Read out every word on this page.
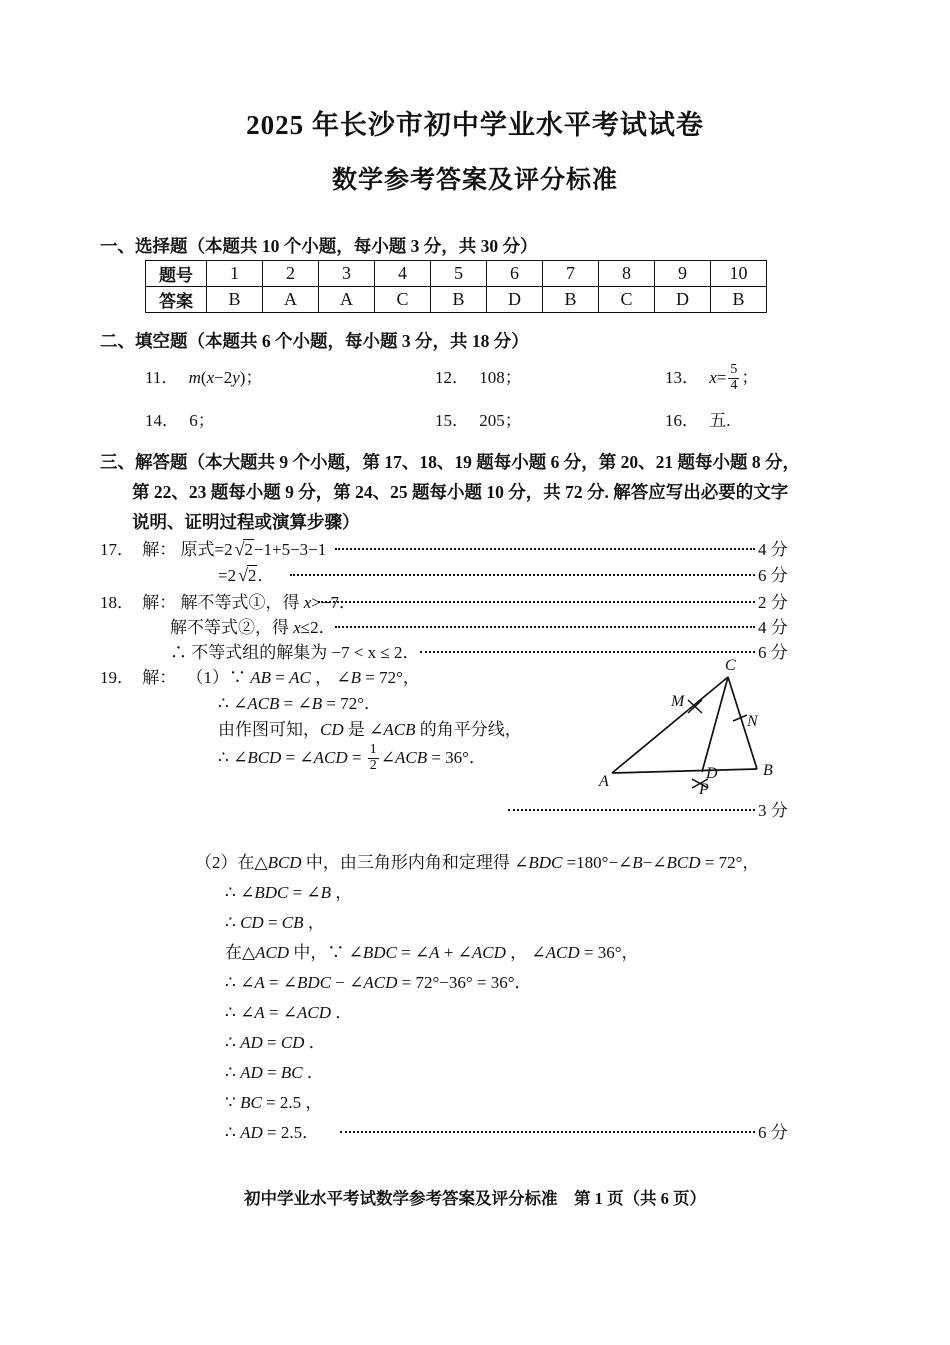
2025 年长沙市初中学业水平考试试卷
数学参考答案及评分标准
一、选择题（本题共 10 个小题，每小题 3 分，共 30 分）
题号	1	2	3	4	5	6	7	8	9	10
答案	B	A	A	C	B	D	B	C	D	B
二、填空题（本题共 6 个小题，每小题 3 分，共 18 分）
11． m(x−2y)；	12． 108；	13． $x= \frac{5}{4}$ ；
14． 6；	15． 205；	16． 五.
三、解答题（本大题共 9 个小题，第 17、18、19 题每小题 6 分，第 20、21 题每小题 8 分，
第 22、23 题每小题 9 分，第 24、25 题每小题 10 分，共 72 分. 解答应写出必要的文字
说明、证明过程或演算步骤）
17． 解： 原式=2 √2−1+5−3−1	4 分
=2 √2．	6 分
18． 解： 解不等式①，得 x>−7．	2 分
解不等式②，得 x≤2．	4 分
∴ 不等式组的解集为 −7 < x ≤ 2．	6 分
19． 解： （1）∵ AB = AC ， ∠B = 72°，
∴ ∠ACB = ∠B = 72°．
由作图可知，CD 是 ∠ACB 的角平分线，
∴ ∠BCD = ∠ACD = $\frac{1}{2}$ ∠ACB = 36°．
A
B
C
D
M
N
P
3 分
（2）在△BCD 中，由三角形内角和定理得 ∠BDC =180°−∠B−∠BCD = 72°，
∴ ∠BDC = ∠B ，
∴ CD = CB ，
在△ACD 中，∵ ∠BDC = ∠A + ∠ACD ， ∠ACD = 36°，
∴ ∠A = ∠BDC − ∠ACD = 72°−36° = 36°．
∴ ∠A = ∠ACD ．
∴ AD = CD ．
∴ AD = BC ．
∵ BC = 2.5 ，
∴ AD = 2.5．	6 分
初中学业水平考试数学参考答案及评分标准　第 1 页（共 6 页）
